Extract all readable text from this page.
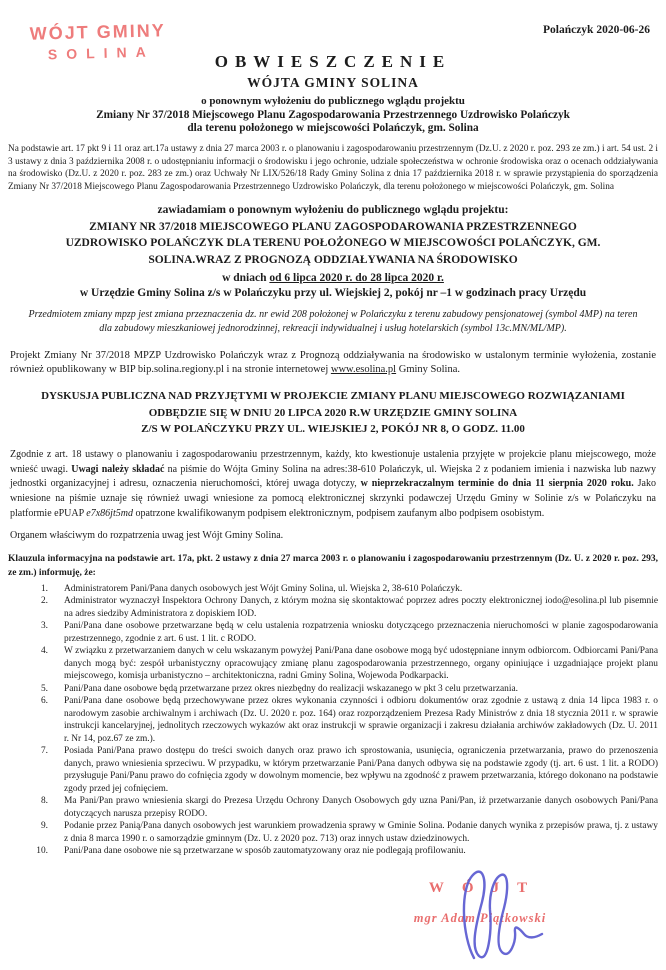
WÓJT GMINY
SOLINA
Polańczyk 2020-06-26
OBWIESZCZENIE
WÓJTA GMINY SOLINA
o ponownym wyłożeniu do publicznego wglądu projektu
Zmiany Nr 37/2018 Miejscowego Planu Zagospodarowania Przestrzennego Uzdrowisko Polańczyk
dla terenu położonego w miejscowości Polańczyk, gm. Solina

Na podstawie art. 17 pkt 9 i 11 oraz art.17a ustawy z dnia 27 marca 2003 r. o planowaniu i zagospodarowaniu przestrzennym (Dz.U. z 2020 r. poz. 293 ze zm.) i art. 54 ust. 2 i 3 ustawy z dnia 3 października 2008 r. o udostępnianiu informacji o środowisku i jego ochronie, udziale społeczeństwa w ochronie środowiska oraz o ocenach oddziaływania na środowisko (Dz.U. z 2020 r. poz. 283 ze zm.) oraz Uchwały Nr LIX/526/18 Rady Gminy Solina z dnia 17 października 2018 r. w sprawie przystąpienia do sporządzenia Zmiany Nr 37/2018 Miejscowego Planu Zagospodarowania Przestrzennego Uzdrowisko Polańczyk, dla terenu położonego w miejscowości Polańczyk, gm. Solina

zawiadamiam o ponownym wyłożeniu do publicznego wglądu projektu:
ZMIANY NR 37/2018 MIEJSCOWEGO PLANU ZAGOSPODAROWANIA PRZESTRZENNEGO UZDROWISKO POLAŃCZYK DLA TERENU POŁOŻONEGO W MIEJSCOWOŚCI POLAŃCZYK, GM. SOLINA.WRAZ Z PROGNOZĄ ODDZIAŁYWANIA NA ŚRODOWISKO
w dniach od 6 lipca 2020 r. do 28 lipca 2020 r.
w Urzędzie Gminy Solina z/s w Polańczyku przy ul. Wiejskiej 2, pokój nr –1 w godzinach pracy Urzędu
Przedmiotem zmiany mpzp jest zmiana przeznaczenia dz. nr ewid 208 położonej w Polańczyku z terenu zabudowy pensjonatowej (symbol 4MP) na teren dla zabudowy mieszkaniowej jednorodzinnej, rekreacji indywidualnej i usług hotelarskich (symbol 13c.MN/ML/MP).

Projekt Zmiany Nr 37/2018 MPZP Uzdrowisko Polańczyk wraz z Prognozą oddziaływania na środowisko w ustalonym terminie wyłożenia, zostanie również opublikowany w BIP bip.solina.regiony.pl i na stronie internetowej www.esolina.pl Gminy Solina.

DYSKUSJA PUBLICZNA NAD PRZYJĘTYMI W PROJEKCIE ZMIANY PLANU MIEJSCOWEGO ROZWIĄZANIAMI
ODBĘDZIE SIĘ W DNIU 20 LIPCA 2020 R.W URZĘDZIE GMINY SOLINA
Z/S W POLAŃCZYKU PRZY UL. WIEJSKIEJ 2, POKÓJ NR 8, O GODZ. 11.00

Zgodnie z art. 18 ustawy o planowaniu i zagospodarowaniu przestrzennym, każdy, kto kwestionuje ustalenia przyjęte w projekcie planu miejscowego, może wnieść uwagi. Uwagi należy składać na piśmie do Wójta Gminy Solina na adres:38-610 Polańczyk, ul. Wiejska 2 z podaniem imienia i nazwiska lub nazwy jednostki organizacyjnej i adresu, oznaczenia nieruchomości, której uwaga dotyczy, w nieprzekraczalnym terminie do dnia 11 sierpnia 2020 roku. Jako wniesione na piśmie uznaje się również uwagi wniesione za pomocą elektronicznej skrzynki podawczej Urzędu Gminy w Solinie z/s w Polańczyku na platformie ePUAP e7x86jt5md opatrzone kwalifikowanym podpisem elektronicznym, podpisem zaufanym albo podpisem osobistym.

Organem właściwym do rozpatrzenia uwag jest Wójt Gminy Solina.

Klauzula informacyjna na podstawie art. 17a, pkt. 2 ustawy z dnia 27 marca 2003 r. o planowaniu i zagospodarowaniu przestrzennym (Dz. U. z 2020 r. poz. 293, ze zm.) informuję, że:

1. Administratorem Pani/Pana danych osobowych jest Wójt Gminy Solina, ul. Wiejska 2, 38-610 Polańczyk.
2. Administrator wyznaczył Inspektora Ochrony Danych, z którym można się skontaktować poprzez adres poczty elektronicznej iodo@esolina.pl lub pisemnie na adres siedziby Administratora z dopiskiem IOD.
3. Pani/Pana dane osobowe przetwarzane będą w celu ustalenia rozpatrzenia wniosku dotyczącego przeznaczenia nieruchomości w planie zagospodarowania przestrzennego, zgodnie z art. 6 ust. 1 lit. c RODO.
4. W związku z przetwarzaniem danych w celu wskazanym powyżej Pani/Pana dane osobowe mogą być udostępniane innym odbiorcom. Odbiorcami Pani/Pana danych mogą być: zespół urbanistyczny opracowujący zmianę planu zagospodarowania przestrzennego, organy opiniujące i uzgadniające projekt planu miejscowego, komisja urbanistyczno – architektoniczna, radni Gminy Solina, Wojewoda Podkarpacki.
5. Pani/Pana dane osobowe będą przetwarzane przez okres niezbędny do realizacji wskazanego w pkt 3 celu przetwarzania.
6. Pani/Pana dane osobowe będą przechowywane przez okres wykonania czynności i odbioru dokumentów oraz zgodnie z ustawą z dnia 14 lipca 1983 r. o narodowym zasobie archiwalnym i archiwach (Dz. U. 2020 r. poz. 164) oraz rozporządzeniem Prezesa Rady Ministrów z dnia 18 stycznia 2011 r. w sprawie instrukcji kancelaryjnej, jednolitych rzeczowych wykazów akt oraz instrukcji w sprawie organizacji i zakresu działania archiwów zakładowych (Dz. U. 2011 r. Nr 14, poz.67 ze zm.).
7. Posiada Pani/Pana prawo dostępu do treści swoich danych oraz prawo ich sprostowania, usunięcia, ograniczenia przetwarzania, prawo do przenoszenia danych, prawo wniesienia sprzeciwu. W przypadku, w którym przetwarzanie Pani/Pana danych odbywa się na podstawie zgody (tj. art. 6 ust. 1 lit. a RODO) przysługuje Pani/Panu prawo do cofnięcia zgody w dowolnym momencie, bez wpływu na zgodność z prawem przetwarzania, którego dokonano na podstawie zgody przed jej cofnięciem.
8. Ma Pani/Pan prawo wniesienia skargi do Prezesa Urzędu Ochrony Danych Osobowych gdy uzna Pani/Pan, iż przetwarzanie danych osobowych Pani/Pana dotyczących narusza przepisy RODO.
9. Podanie przez Panią/Pana danych osobowych jest warunkiem prowadzenia sprawy w Gminie Solina. Podanie danych wynika z przepisów prawa, tj. z ustawy z dnia 8 marca 1990 r. o samorządzie gminnym (Dz. U. z 2020 poz. 713) oraz innych ustaw dziedzinowych.
10. Pani/Pana dane osobowe nie są przetwarzane w sposób zautomatyzowany oraz nie podlegają profilowaniu.
WÓJT
mgr Adam Piątkowski
